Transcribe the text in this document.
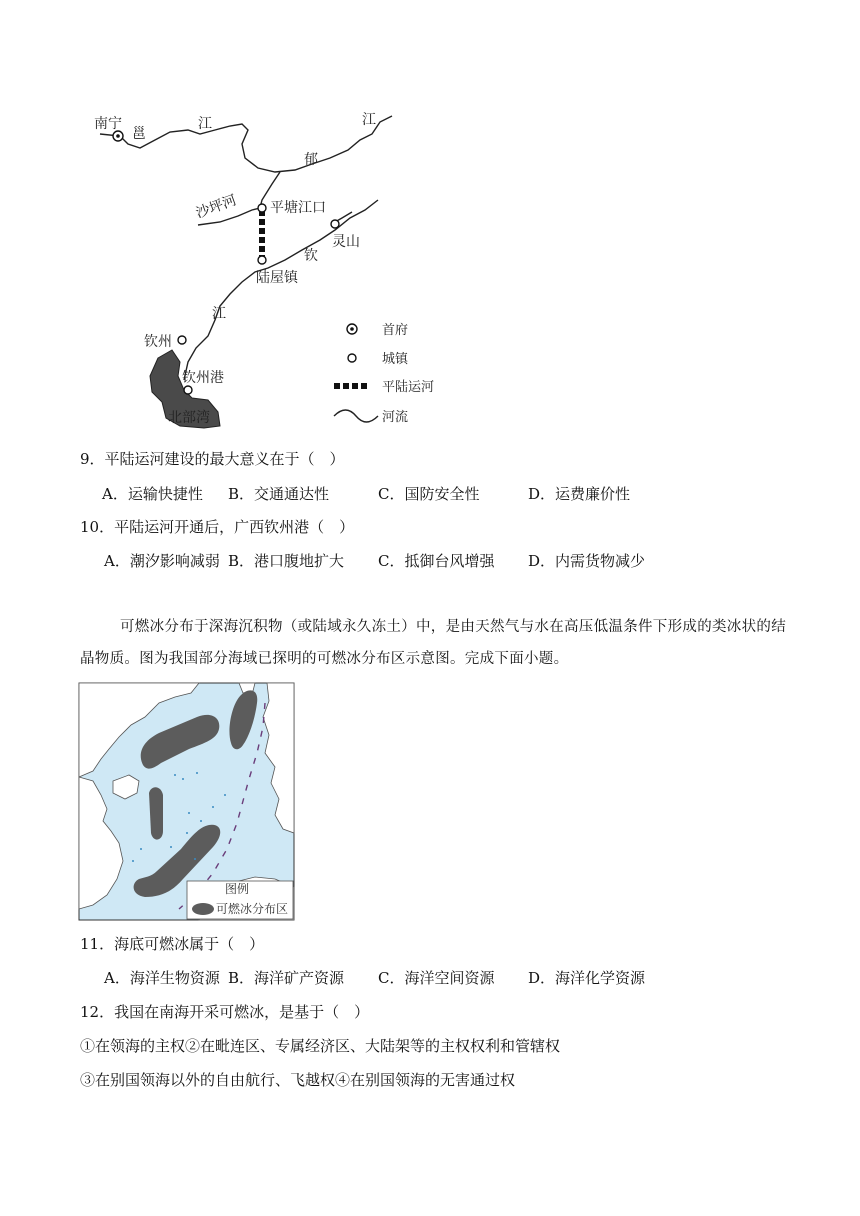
南宁
邕
江
郁
江
沙坪河 平塘江口
灵山
钦
陆屋镇
江
钦州
钦州港
北部湾
首府
城镇
平陆运河
河流
9．平陆运河建设的最大意义在于（　）
A．运输快捷性 B．交通通达性	C．国防安全性	D．运费廉价性
10．平陆运河开通后，广西钦州港（　）
A．潮汐影响减弱 B．港口腹地扩大 C．抵御台风增强 D．内需货物减少
可燃冰分布于深海沉积物（或陆域永久冻土）中，是由天然气与水在高压低温条件下形成的类冰状的结晶物质。图为我国部分海域已探明的可燃冰分布区示意图。完成下面小题。
图例
可燃冰分布区
11．海底可燃冰属于（　）
A．海洋生物资源 B．海洋矿产资源 C．海洋空间资源 D．海洋化学资源
12．我国在南海开采可燃冰，是基于（　）
①在领海的主权②在毗连区、专属经济区、大陆架等的主权权利和管辖权
③在别国领海以外的自由航行、飞越权④在别国领海的无害通过权
